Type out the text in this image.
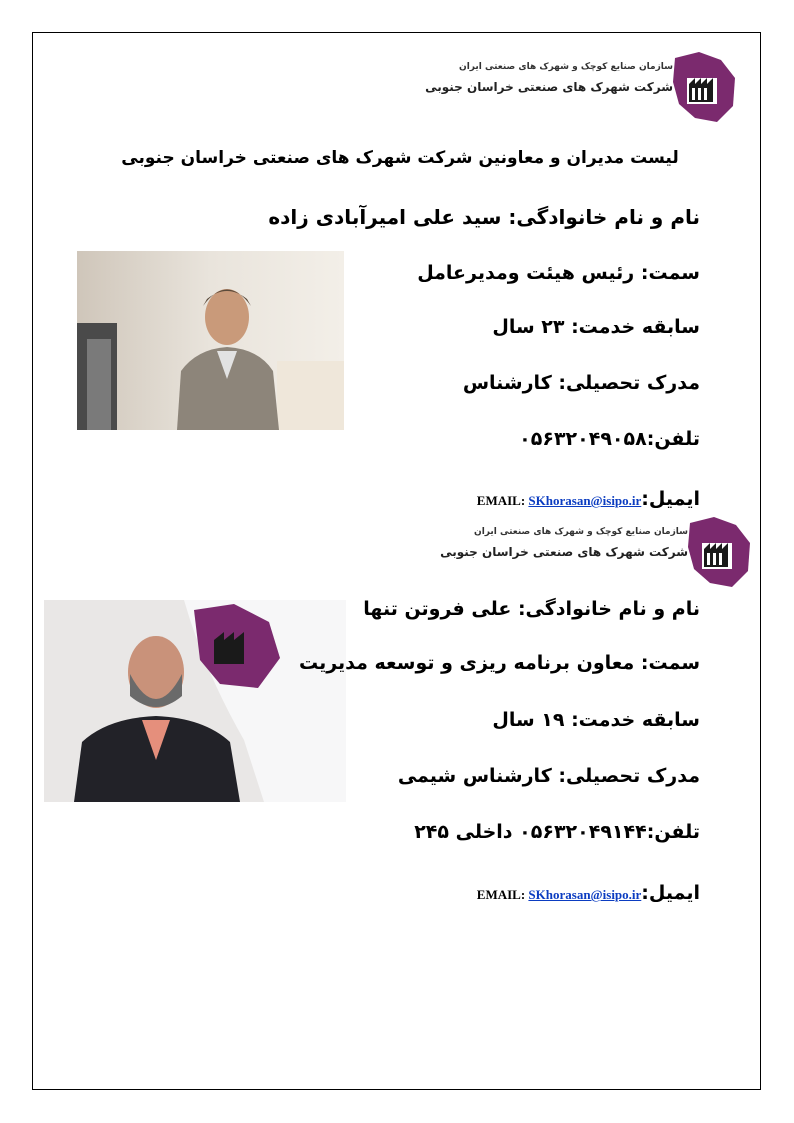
سازمان صنایع کوچک و شهرک های صنعتی ایران
شرکت شهرک های صنعتی خراسان جنوبی
لیست مدیران و معاونین شرکت شهرک های صنعتی خراسان جنوبی
نام و نام خانوادگی: سید علی امیرآبادی زاده
سمت: رئیس هیئت ومدیرعامل
سابقه خدمت: ۲۳ سال
مدرک تحصیلی: کارشناس
تلفن:۰۵۶۳۲۰۴۹۰۵۸
ایمیل:
EMAIL: SKhorasan@isipo.ir
سازمان صنایع کوچک و شهرک های صنعتی ایران
شرکت شهرک های صنعتی خراسان جنوبی
نام و نام خانوادگی: علی فروتن تنها
سمت: معاون برنامه ریزی و توسعه مدیریت
سابقه خدمت: ۱۹ سال
مدرک تحصیلی: کارشناس شیمی
تلفن:۰۵۶۳۲۰۴۹۱۴۴ داخلی ۲۴۵
ایمیل:
EMAIL: SKhorasan@isipo.ir
